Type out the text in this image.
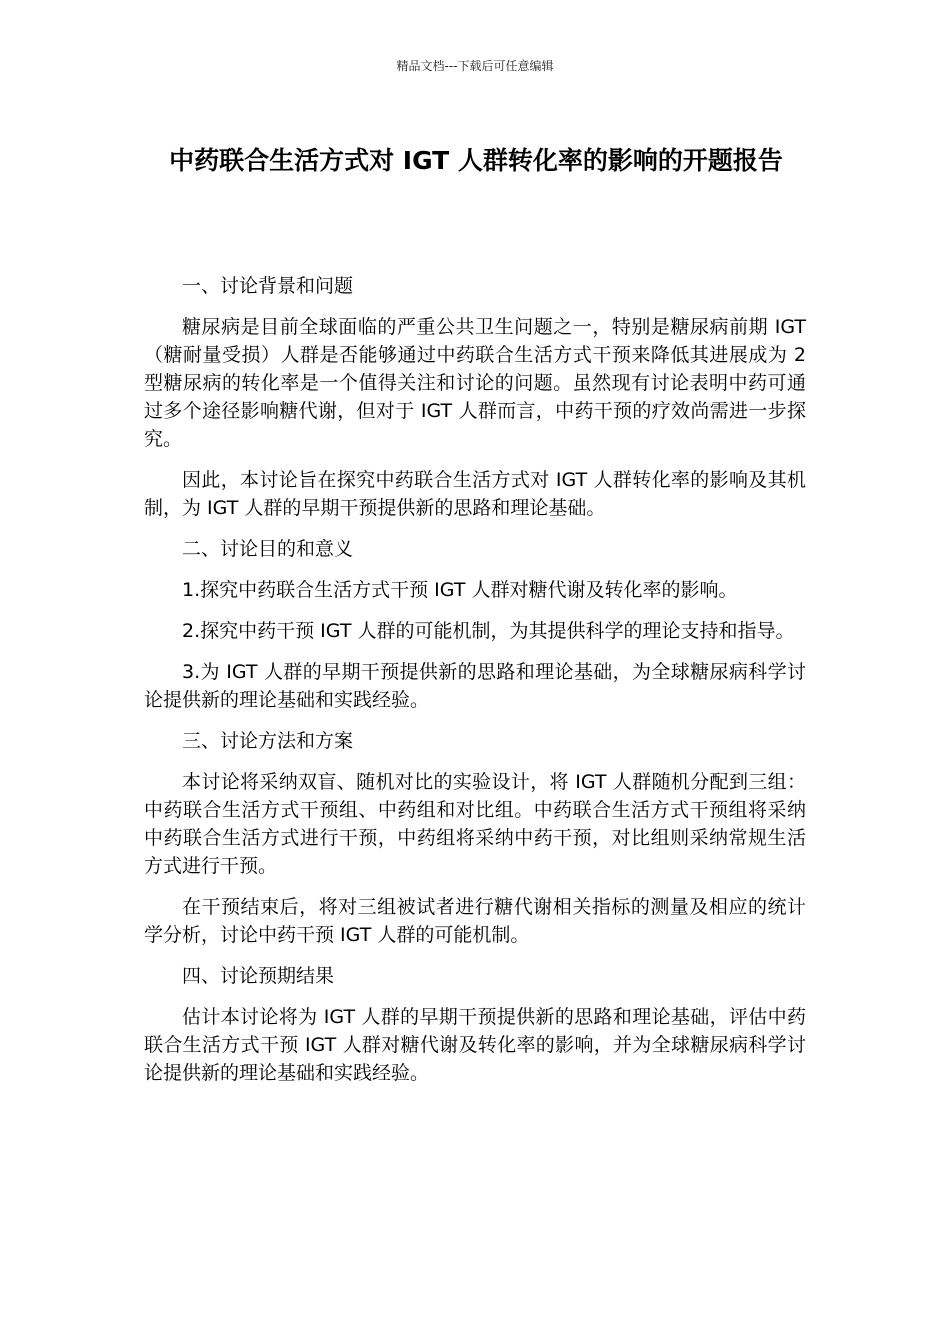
精品文档---下载后可任意编辑
中药联合生活方式对 IGT 人群转化率的影响的开题报告

一、讨论背景和问题

糖尿病是目前全球面临的严重公共卫生问题之一，特别是糖尿病前期 IGT（糖耐量受损）人群是否能够通过中药联合生活方式干预来降低其进展成为 2 型糖尿病的转化率是一个值得关注和讨论的问题。虽然现有讨论表明中药可通过多个途径影响糖代谢，但对于 IGT 人群而言，中药干预的疗效尚需进一步探究。

因此，本讨论旨在探究中药联合生活方式对 IGT 人群转化率的影响及其机制，为 IGT 人群的早期干预提供新的思路和理论基础。

二、讨论目的和意义

1.探究中药联合生活方式干预 IGT 人群对糖代谢及转化率的影响。

2.探究中药干预 IGT 人群的可能机制，为其提供科学的理论支持和指导。

3.为 IGT 人群的早期干预提供新的思路和理论基础，为全球糖尿病科学讨论提供新的理论基础和实践经验。

三、讨论方法和方案

本讨论将采纳双盲、随机对比的实验设计，将 IGT 人群随机分配到三组：中药联合生活方式干预组、中药组和对比组。中药联合生活方式干预组将采纳中药联合生活方式进行干预，中药组将采纳中药干预，对比组则采纳常规生活方式进行干预。

在干预结束后，将对三组被试者进行糖代谢相关指标的测量及相应的统计学分析，讨论中药干预 IGT 人群的可能机制。

四、讨论预期结果

估计本讨论将为 IGT 人群的早期干预提供新的思路和理论基础，评估中药联合生活方式干预 IGT 人群对糖代谢及转化率的影响，并为全球糖尿病科学讨论提供新的理论基础和实践经验。
